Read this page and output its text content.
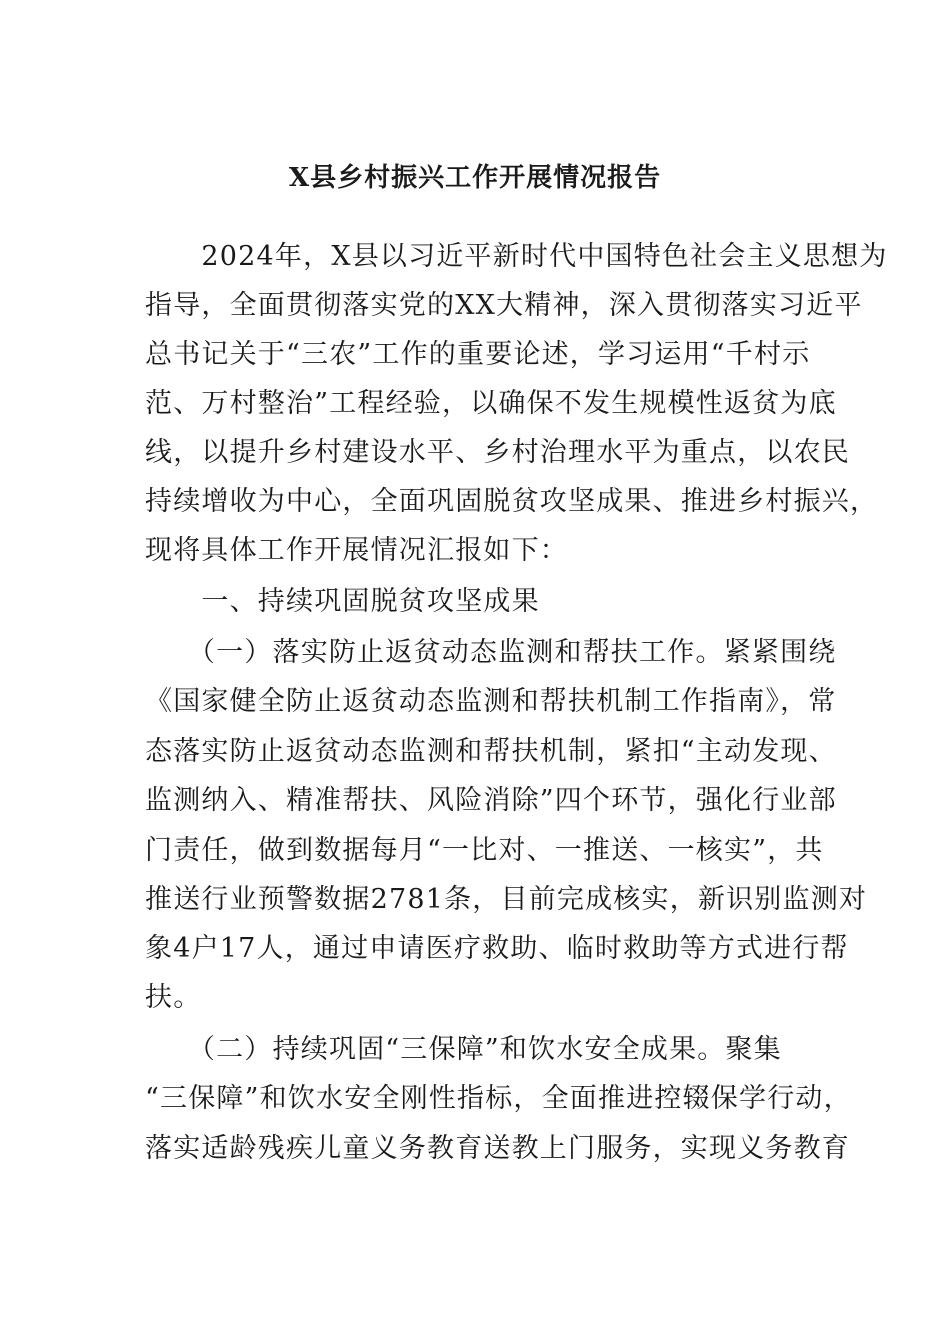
X县乡村振兴工作开展情况报告
　　2024年，X县以习近平新时代中国特色社会主义思想为
指导，全面贯彻落实党的XX大精神，深入贯彻落实习近平
总书记关于“三农”工作的重要论述，学习运用“千村示
范、万村整治”工程经验，以确保不发生规模性返贫为底
线，以提升乡村建设水平、乡村治理水平为重点，以农民
持续增收为中心，全面巩固脱贫攻坚成果、推进乡村振兴，
现将具体工作开展情况汇报如下：
　　一、持续巩固脱贫攻坚成果
　　（一）落实防止返贫动态监测和帮扶工作。紧紧围绕
《国家健全防止返贫动态监测和帮扶机制工作指南》，常
态落实防止返贫动态监测和帮扶机制，紧扣“主动发现、
监测纳入、精准帮扶、风险消除”四个环节，强化行业部
门责任，做到数据每月“一比对、一推送、一核实”，共
推送行业预警数据2781条，目前完成核实，新识别监测对
象4户17人，通过申请医疗救助、临时救助等方式进行帮
扶。
　　（二）持续巩固“三保障”和饮水安全成果。聚集
“三保障”和饮水安全刚性指标，全面推进控辍保学行动，
落实适龄残疾儿童义务教育送教上门服务，实现义务教育
